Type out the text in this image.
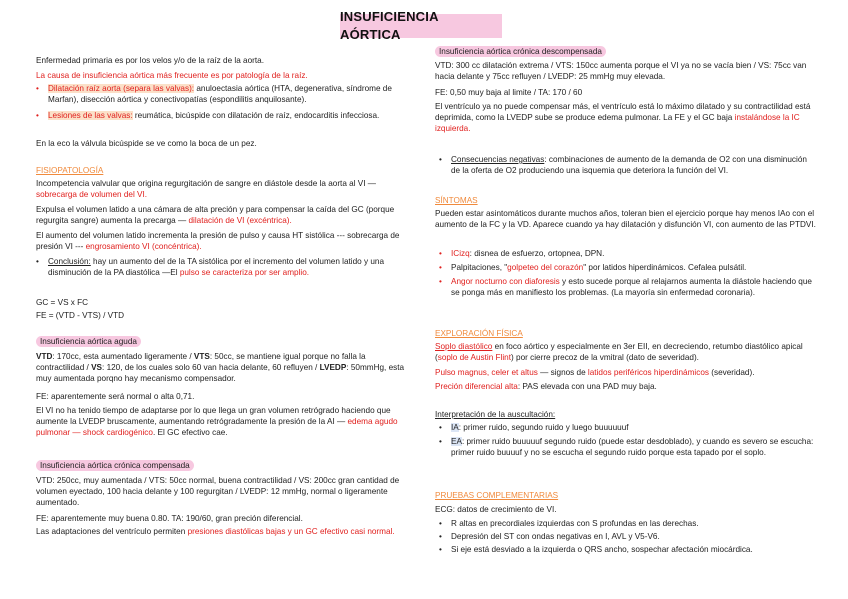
INSUFICIENCIA AÓRTICA
Enfermedad primaria es por los velos y/o de la raíz de la aorta.
La causa de insuficiencia aórtica más frecuente es por patología de la raíz.
• Dilatación raíz aorta (separa las valvas): anuloectasia aórtica (HTA, degenerativa, síndrome de Marfan), disección aórtica y conectivopatías (espondilitis anquilosante).
• Lesiones de las valvas: reumática, bicúspide con dilatación de raíz, endocarditis infecciosa.
En la eco la válvula bicúspide se ve como la boca de un pez.
FISIOPATOLOGÍA
Incompetencia valvular que origina regurgitación de sangre en diástole desde la aorta al VI — sobrecarga de volumen del VI.
Expulsa el volumen latido a una cámara de alta preción y para compensar la caída del GC (porque regurgita sangre) aumenta la precarga — dilatación de VI (excéntrica).
El aumento del volumen latido incrementa la presión de pulso y causa HT sistólica --- sobrecarga de presión VI --- engrosamiento VI (concéntrica).
• Conclusión: hay un aumento del de la TA sistólica por el incremento del volumen latido y una disminución de la PA diastólica —El pulso se caracteriza por ser amplio.
GC = VS x FC
FE = (VTD - VTS) / VTD
Insuficiencia aórtica aguda
VTD: 170cc, esta aumentado ligeramente / VTS: 50cc, se mantiene igual porque no falla la contractilidad / VS: 120, de los cuales solo 60 van hacia delante, 60 refluyen / LVEDP: 50mmHg, esta muy aumentada porqno hay mecanismo compensador.
FE: aparentemente será normal o alta 0,71.
El VI no ha tenido tiempo de adaptarse por lo que llega un gran volumen retrógrado haciendo que aumente la LVEDP bruscamente, aumentando retrógradamente la presión de la AI — edema agudo pulmonar — shock cardiogénico. El GC efectivo cae.
Insuficiencia aórtica crónica compensada
VTD: 250cc, muy aumentada / VTS: 50cc normal, buena contractilidad / VS: 200cc gran cantidad de volumen eyectado, 100 hacia delante y 100 regurgitan / LVEDP: 12 mmHg, normal o ligeramente aumentado.
FE: aparentemente muy buena 0.80. TA: 190/60, gran preción diferencial.
Las adaptaciones del ventrículo permiten presiones diastólicas bajas y un GC efectivo casi normal.
Insuficiencia aórtica crónica descompensada
VTD: 300 cc dilatación extrema / VTS: 150cc aumenta porque el VI ya no se vacía bien / VS: 75cc van hacia delante y 75cc refluyen / LVEDP: 25 mmHg muy elevada.
FE: 0,50 muy baja al limite / TA: 170 / 60
El ventrículo ya no puede compensar más, el ventrículo está lo máximo dilatado y su contractilidad está deprimida, como la LVEDP sube se produce edema pulmonar. La FE y el GC baja instalándose la IC izquierda.
• Consecuencias negativas: combinaciones de aumento de la demanda de O2 con una disminución de la oferta de O2 produciendo una isquemia que deteriora la función del VI.
SÍNTOMAS
Pueden estar asintomáticos durante muchos años, toleran bien el ejercicio porque hay menos IAo con el aumento de la FC y la VD. Aparece cuando ya hay dilatación y disfunción VI, con aumento de las PTDVI.
• ICizq: disnea de esfuerzo, ortopnea, DPN.
• Palpitaciones, "golpeteo del corazón" por latidos hiperdinámicos. Cefalea pulsátil.
• Angor nocturno con diaforesis y esto sucede porque al relajarnos aumenta la diástole haciendo que se ponga más en manifiesto los problemas. (La mayoría sin enfermedad coronaria).
EXPLORACIÓN FÍSICA
Soplo diastólico en foco aórtico y especialmente en 3er EII, en decreciendo, retumbo diastólico apical (soplo de Austin Flint) por cierre precoz de la vmitral (dato de severidad).
Pulso magnus, celer et altus — signos de latidos periféricos hiperdinámicos (severidad).
Preción diferencial alta: PAS elevada con una PAD muy baja.
Interpretación de la auscultación:
• IA: primer ruido, segundo ruido y luego buuuuuuf
• EA: primer ruido buuuuuf segundo ruido (puede estar desdoblado), y cuando es severo se escucha: primer ruido buuuuf y no se escucha el segundo ruido porque esta tapado por el soplo.
PRUEBAS COMPLEMENTARIAS
ECG: datos de crecimiento de VI.
• R altas en precordiales izquierdas con S profundas en las derechas.
• Depresión del ST con ondas negativas en I, AVL y V5-V6.
• Si eje está desviado a la izquierda o QRS ancho, sospechar afectación miocárdica.
